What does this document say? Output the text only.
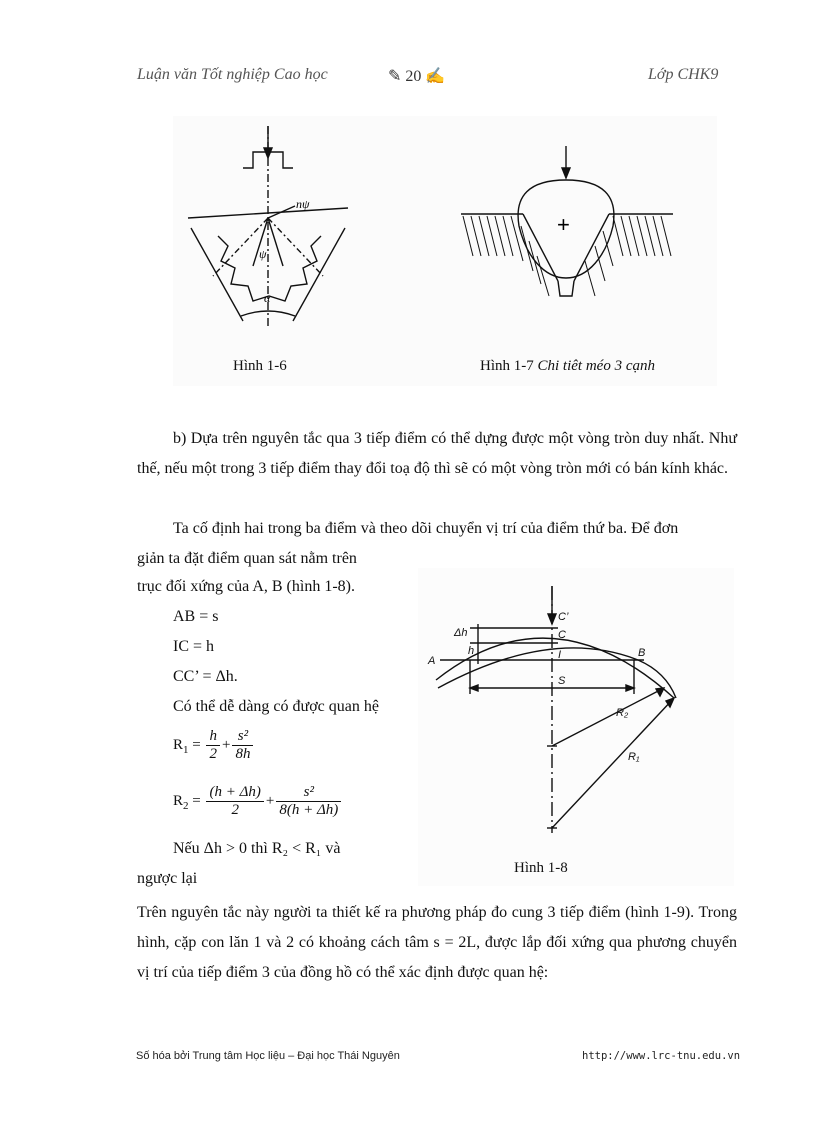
Luận văn Tốt nghiệp Cao học	✎ 20 ✍	Lớp CHK9
nψ
ψ
α
+
Hình 1-6	Hình 1-7 Chi tiêt méo 3 cạnh
b) Dựa trên nguyên tắc qua 3 tiếp điểm có thể dựng được một vòng tròn duy nhất. Như thế, nếu một trong 3 tiếp điểm thay đổi toạ độ thì sẽ có một vòng tròn mới có bán kính khác.
Ta cố định hai trong ba điểm và theo dõi chuyển vị trí của điểm thứ ba. Để đơn
giản ta đặt điểm quan sát nằm trên
trục đối xứng của A, B (hình 1-8).
AB = s
IC = h
CC’ = Δh.
Có thể dễ dàng có được quan hệ
$R_1 = \frac{h}{2} + \frac{\text{s²}}{8h}$
$R_2 = \frac{(h + \Delta h)}{2} + \frac{\text{s²}}{8(h + \Delta h)}$
Nếu Δh > 0 thì R₂ < R₁ và
ngược lại
C’
C
Δh
h
A	I	B
S
R₂
R₁
Hình 1-8
Trên nguyên tắc này người ta thiết kế ra phương pháp đo cung 3 tiếp điểm (hình 1-9). Trong hình, cặp con lăn 1 và 2 có khoảng cách tâm s = 2L, được lắp đối xứng qua phương chuyển vị trí của tiếp điểm 3 của đồng hồ có thể xác định được quan hệ:
Số hóa bởi Trung tâm Học liệu – Đại học Thái Nguyên	http://www.lrc-tnu.edu.vn
